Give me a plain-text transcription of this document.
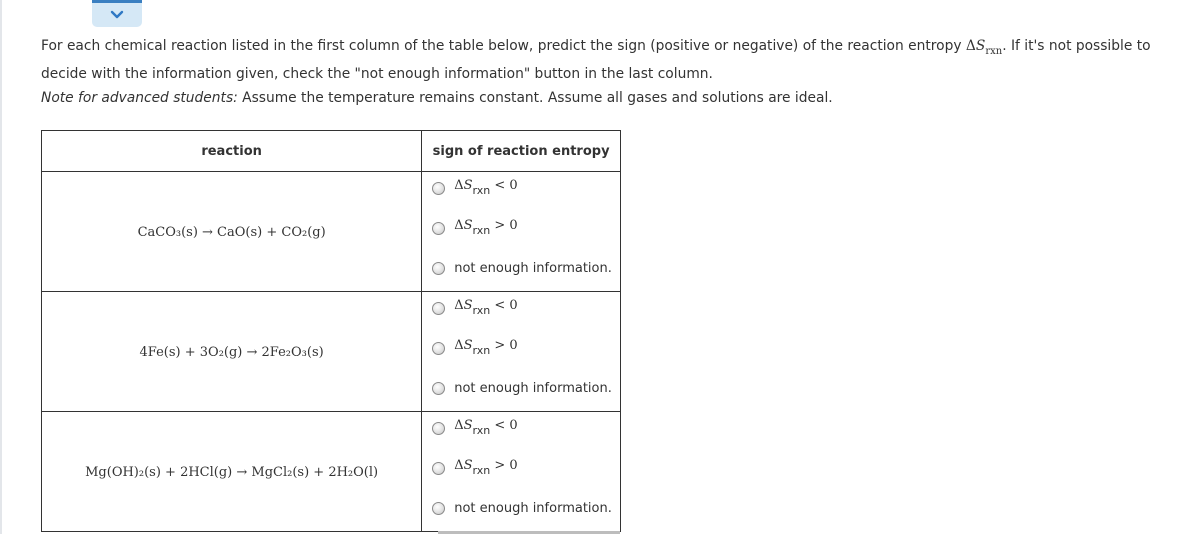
For each chemical reaction listed in the first column of the table below, predict the sign (positive or negative) of the reaction entropy $\Delta S_{rxn}$. If it's not possible to
decide with the information given, check the "not enough information" button in the last column.
Note for advanced students: Assume the temperature remains constant. Assume all gases and solutions are ideal.
reaction	sign of reaction entropy
CaCO₃(s) → CaO(s) + CO₂(g)	$\Delta S_{rxn} < 0$
$\Delta S_{rxn} > 0$
not enough information.

4Fe(s) + 3O₂(g) → 2Fe₂O₃(s)	$\Delta S_{rxn} < 0$
$\Delta S_{rxn} > 0$
not enough information.

Mg(OH)₂(s) + 2HCl(g) → MgCl₂(s) + 2H₂O(l)	$\Delta S_{rxn} < 0$
$\Delta S_{rxn} > 0$
not enough information.
